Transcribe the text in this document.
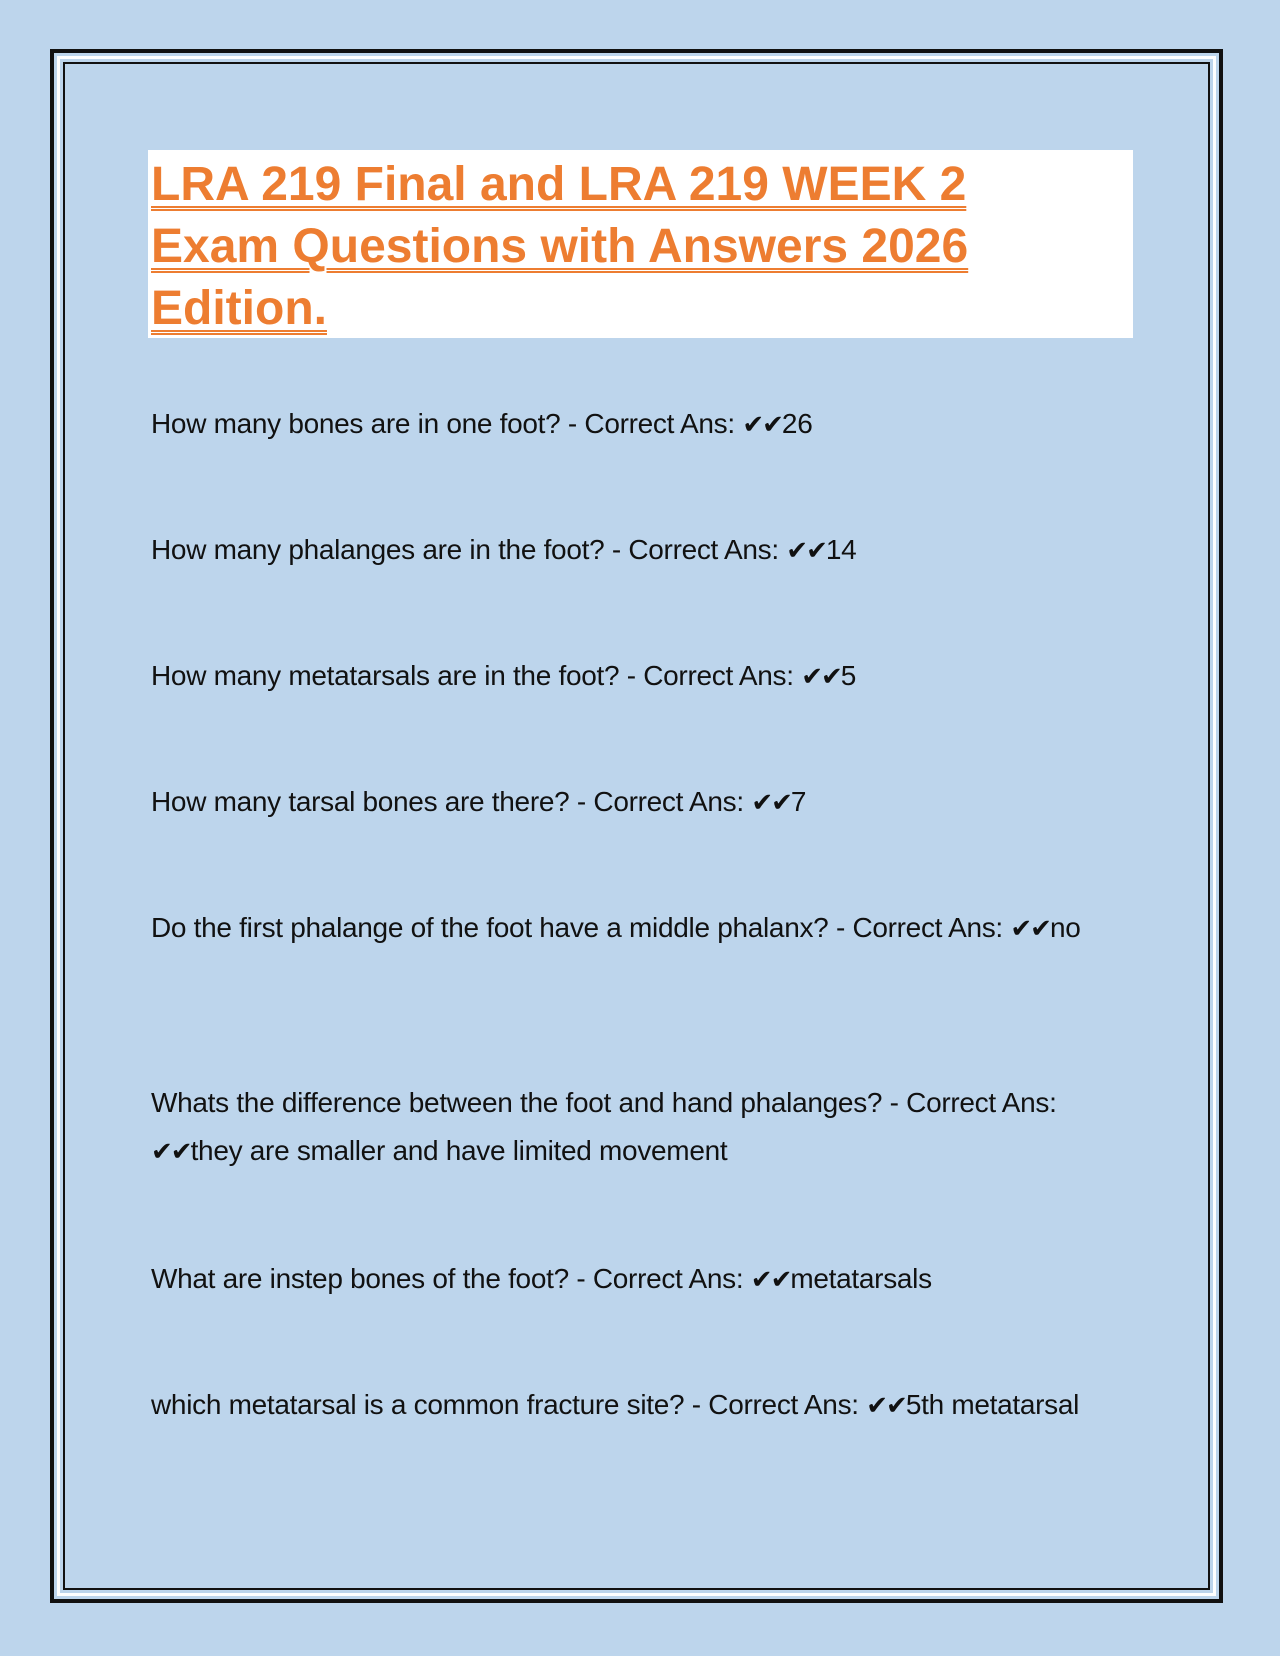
LRA 219 Final and LRA 219 WEEK 2 Exam Questions with Answers 2026 Edition.

How many bones are in one foot? - Correct Ans: ✔✔26

How many phalanges are in the foot? - Correct Ans: ✔✔14

How many metatarsals are in the foot? - Correct Ans: ✔✔5

How many tarsal bones are there? - Correct Ans: ✔✔7

Do the first phalange of the foot have a middle phalanx? - Correct Ans: ✔✔no

Whats the difference between the foot and hand phalanges? - Correct Ans: ✔✔they are smaller and have limited movement

What are instep bones of the foot? - Correct Ans: ✔✔metatarsals

which metatarsal is a common fracture site? - Correct Ans: ✔✔5th metatarsal
